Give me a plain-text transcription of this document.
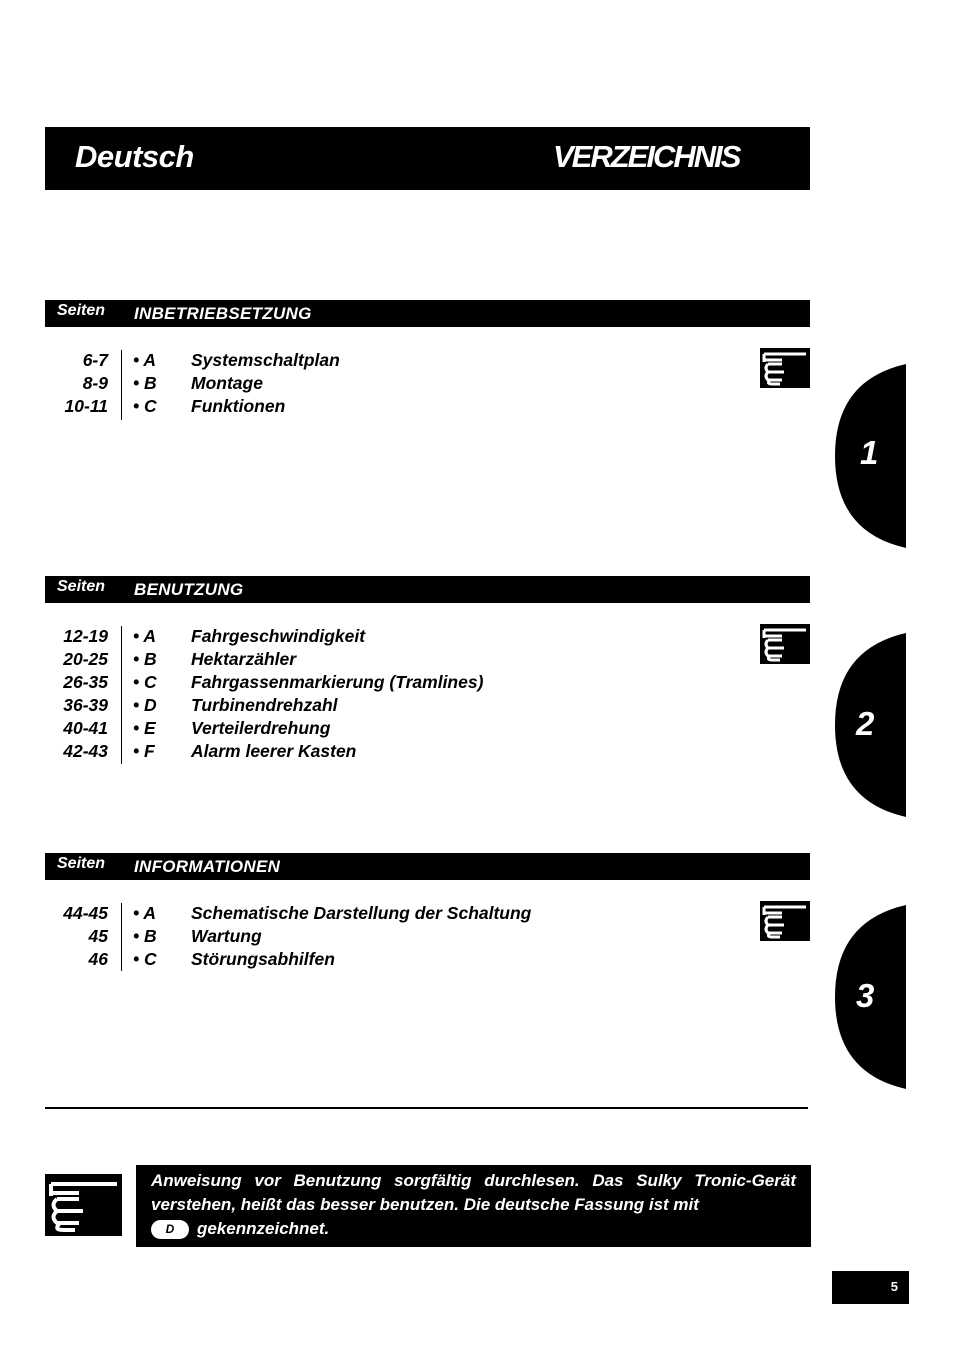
Deutsch	VERZEICHNIS
Seiten INBETRIEBSETZUNG
6-7 • A Systemschaltplan
8-9 • B Montage
10-11 • C Funktionen
Seiten BENUTZUNG
12-19 • A Fahrgeschwindigkeit
20-25 • B Hektarzähler
26-35 • C Fahrgassenmarkierung (Tramlines)
36-39 • D Turbinendrehzahl
40-41 • E Verteilerdrehung
42-43 • F Alarm leerer Kasten
Seiten INFORMATIONEN
44-45 • A Schematische Darstellung der Schaltung
45 • B Wartung
46 • C Störungsabhilfen
1
2
3
Anweisung vor Benutzung sorgfältig durchlesen. Das Sulky Tronic-Gerät verstehen, heißt das besser benutzen. Die deutsche Fassung ist mit
D gekennzeichnet.
5
